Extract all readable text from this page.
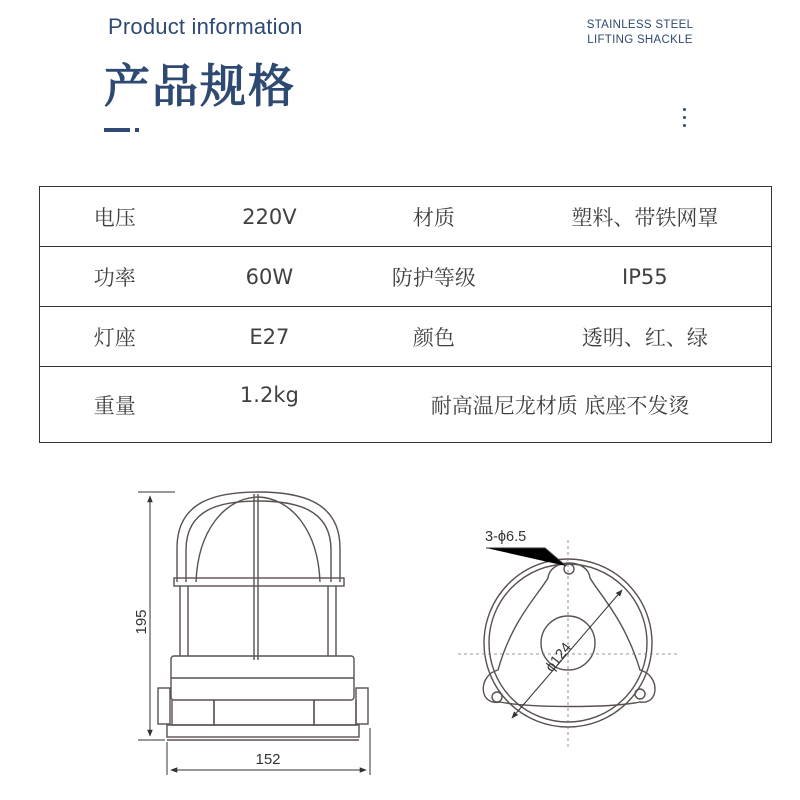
Product information
产品规格
STAINLESS STEEL
LIFTING SHACKLE
电压	220V	材质	塑料、带铁网罩
功率	60W	防护等级	IP55
灯座	E27	颜色	透明、红、绿
重量	1.2kg	耐高温尼龙材质 底座不发烫	
195
152
3-ϕ6.5
ϕ124
